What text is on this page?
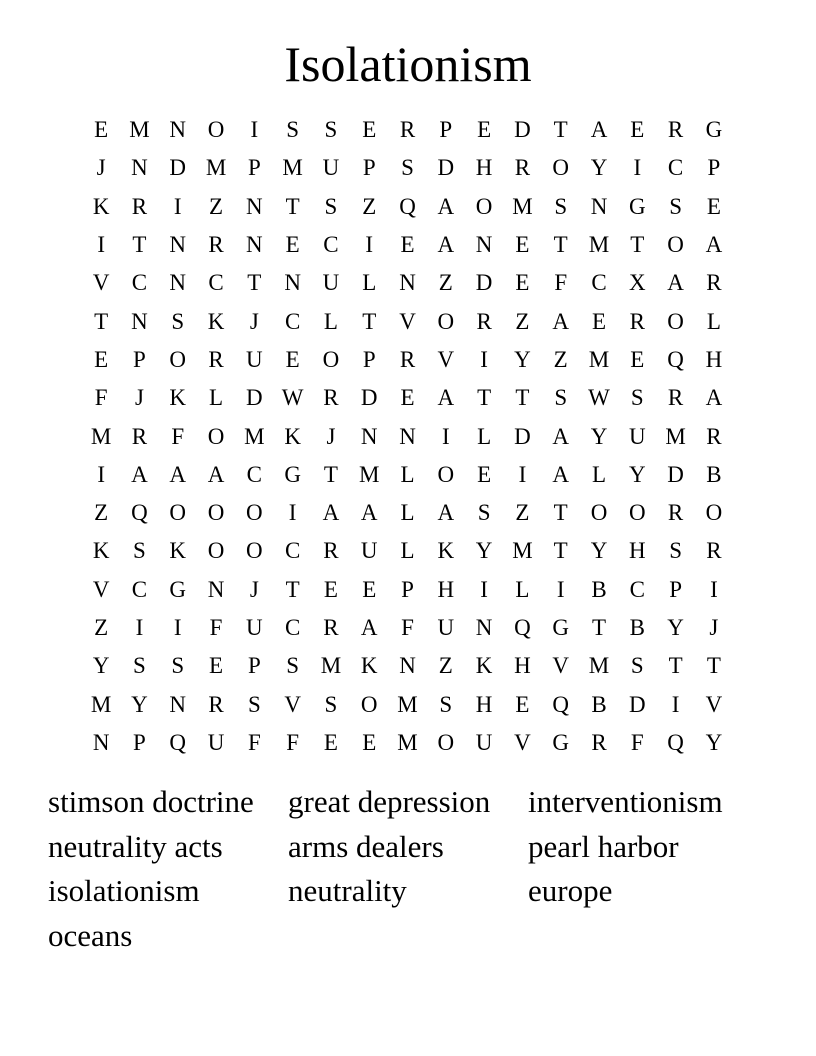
Isolationism
E M N O	I	S	S	E	R	P	E D T A E	R G
J	N D M P M U	P	S	D H R O Y	I	C	P
K R	I	Z N T	S	Z Q A O M S	N G	S	E
I	T N R N E	C	I	E A N E	T M T O A
V C N C	T N U L N Z D E	F	C X A R
T N	S	K	J	C	L	T V O R	Z A E	R O L
E	P	O R U E O	P	R V	I	Y Z M E Q H
F	J	K L D W R D E A T	T	S W S	R A
M R	F	O M K	J	N N	I	L D A Y U M R
I	A A A C G T M L O E	I	A L Y D B
Z Q O O O	I	A A L A	S	Z	T O O R O
K	S	K O O C R U L K Y M T Y H	S	R
V C G N	J	T	E	E	P	H	I	L	I	B C	P	I
Z	I	I	F	U C R A	F	U N Q G T	B Y	J
Y	S	S	E	P	S M K N Z K H V M S	T	T
M Y N R	S	V	S	O M S	H E Q B D	I	V
N	P	Q U	F	F	E	E M O U V G R	F	Q Y
stimson doctrine	great depression	interventionism
neutrality acts	arms dealers	pearl harbor
isolationism	neutrality	europe
oceans
